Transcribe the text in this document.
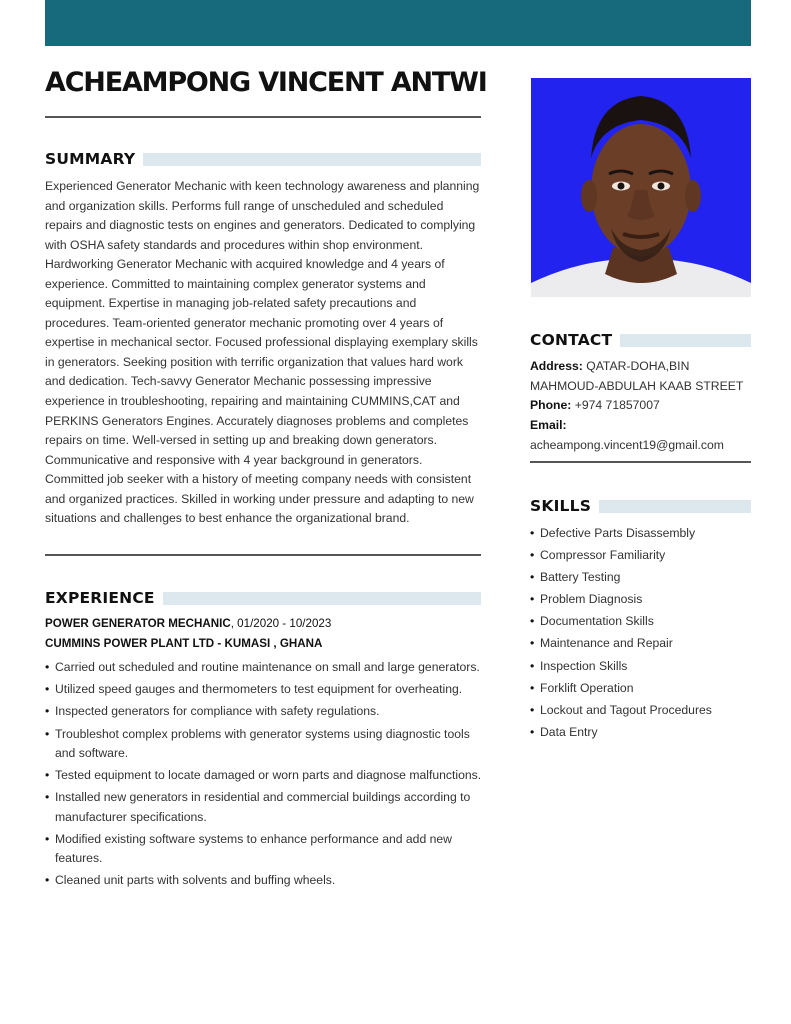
ACHEAMPONG VINCENT ANTWI
SUMMARY
Experienced Generator Mechanic with keen technology awareness and planning and organization skills. Performs full range of unscheduled and scheduled repairs and diagnostic tests on engines and generators. Dedicated to complying with OSHA safety standards and procedures within shop environment. Hardworking Generator Mechanic with acquired knowledge and 4 years of experience. Committed to maintaining complex generator systems and equipment. Expertise in managing job-related safety precautions and procedures. Team-oriented generator mechanic promoting over 4 years of expertise in mechanical sector. Focused professional displaying exemplary skills in generators. Seeking position with terrific organization that values hard work and dedication. Tech-savvy Generator Mechanic possessing impressive experience in troubleshooting, repairing and maintaining CUMMINS,CAT and PERKINS Generators Engines. Accurately diagnoses problems and completes repairs on time. Well-versed in setting up and breaking down generators. Communicative and responsive with 4 year background in generators. Committed job seeker with a history of meeting company needs with consistent and organized practices. Skilled in working under pressure and adapting to new situations and challenges to best enhance the organizational brand.
EXPERIENCE
POWER GENERATOR MECHANIC, 01/2020 - 10/2023
CUMMINS POWER PLANT LTD - KUMASI , GHANA
• Carried out scheduled and routine maintenance on small and large generators.
• Utilized speed gauges and thermometers to test equipment for overheating.
• Inspected generators for compliance with safety regulations.
• Troubleshot complex problems with generator systems using diagnostic tools and software.
• Tested equipment to locate damaged or worn parts and diagnose malfunctions.
• Installed new generators in residential and commercial buildings according to manufacturer specifications.
• Modified existing software systems to enhance performance and add new features.
• Cleaned unit parts with solvents and buffing wheels.
CONTACT
Address: QATAR-DOHA,BIN MAHMOUD-ABDULAH KAAB STREET
Phone: +974 71857007
Email:
acheampong.vincent19@gmail.com
SKILLS
• Defective Parts Disassembly
• Compressor Familiarity
• Battery Testing
• Problem Diagnosis
• Documentation Skills
• Maintenance and Repair
• Inspection Skills
• Forklift Operation
• Lockout and Tagout Procedures
• Data Entry
